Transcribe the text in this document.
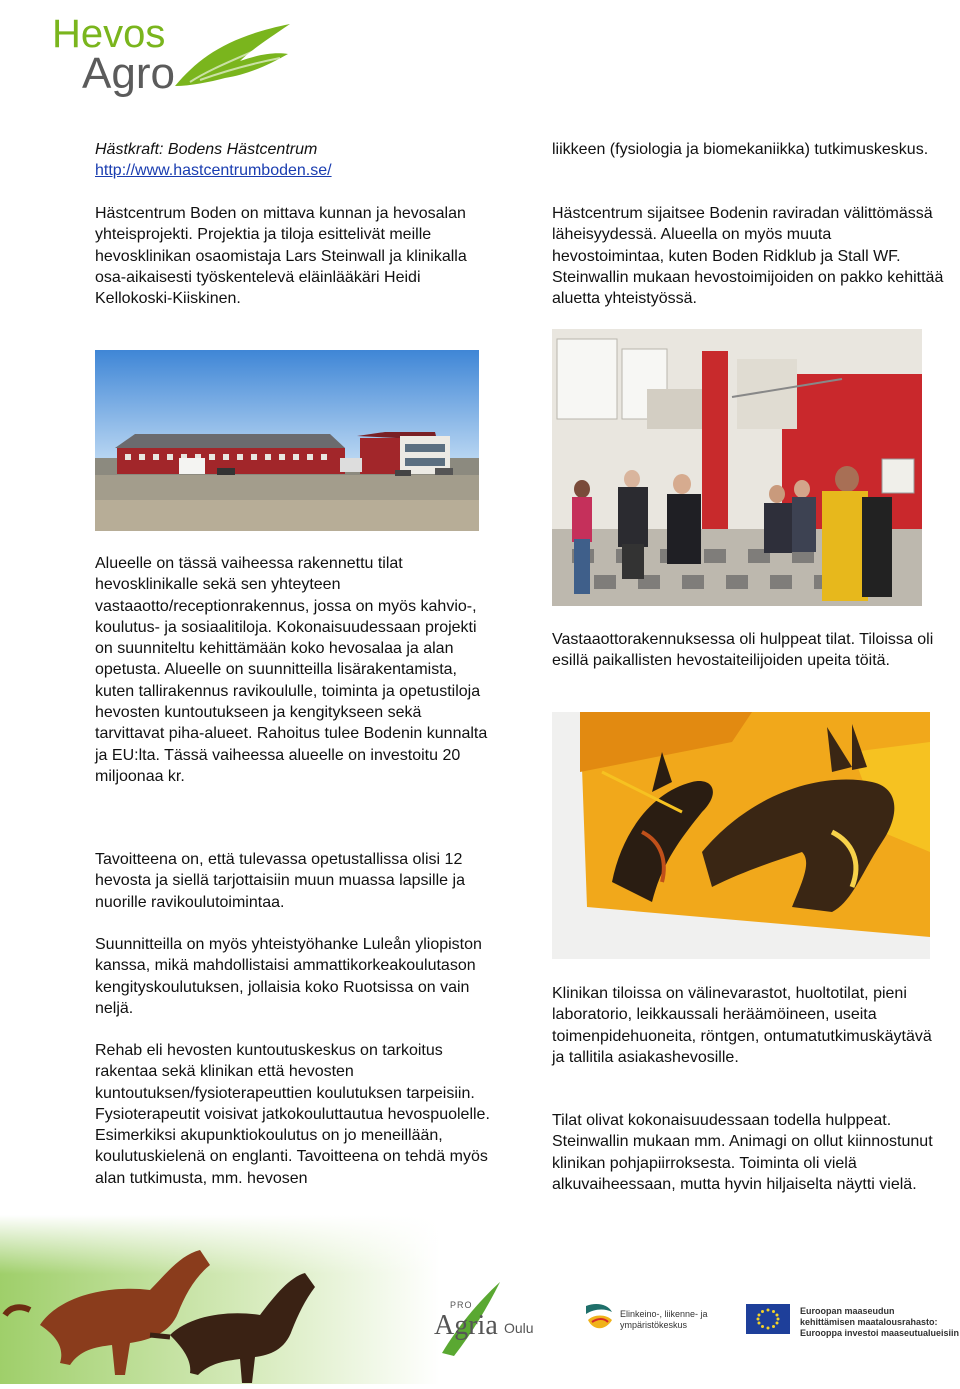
Hevos
Agro

Hästkraft: Bodens Hästcentrum

http://www.hastcentrumboden.se/

Hästcentrum Boden on mittava kunnan ja hevosalan yhteisprojekti. Projektia ja tiloja esittelivät meille hevosklinikan osaomistaja Lars Steinwall ja klinikalla osa-aikaisesti työskentelevä eläinlääkäri Heidi Kellokoski-Kiiskinen.

Alueelle on tässä vaiheessa rakennettu tilat hevosklinikalle sekä sen yhteyteen vastaaotto/receptionrakennus, jossa on myös kahvio-, koulutus- ja sosiaalitiloja. Kokonaisuudessaan projekti on suunniteltu kehittämään koko hevosalaa ja alan opetusta. Alueelle on suunnitteilla lisärakentamista, kuten tallirakennus ravikoululle, toiminta ja opetustiloja hevosten kuntoutukseen ja kengitykseen sekä tarvittavat piha-alueet. Rahoitus tulee Bodenin kunnalta ja EU:lta. Tässä vaiheessa alueelle on investoitu 20 miljoonaa kr.

Tavoitteena on, että tulevassa opetustallissa olisi 12 hevosta ja siellä tarjottaisiin muun muassa lapsille ja nuorille ravikoulutoimintaa.

Suunnitteilla on myös yhteistyöhanke Luleån yliopiston kanssa, mikä mahdollistaisi ammattikorkeakoulutason kengityskoulutuksen, jollaisia koko Ruotsissa on vain neljä.

Rehab eli hevosten kuntoutuskeskus on tarkoitus rakentaa sekä klinikan että hevosten kuntoutuksen/fysioterapeuttien koulutuksen tarpeisiin. Fysioterapeutit voisivat jatkokouluttautua hevospuolelle. Esimerkiksi akupunktiokoulutus on jo meneillään, koulutuskielenä on englanti. Tavoitteena on tehdä myös alan tutkimusta, mm. hevosen

liikkeen (fysiologia ja biomekaniikka) tutkimuskeskus.

Hästcentrum sijaitsee Bodenin raviradan välittömässä läheisyydessä. Alueella on myös muuta hevostoimintaa, kuten Boden Ridklub ja Stall WF. Steinwallin mukaan hevostoimijoiden on pakko kehittää aluetta yhteistyössä.

Vastaaottorakennuksessa oli hulppeat tilat. Tiloissa oli esillä paikallisten hevostaiteilijoiden upeita töitä.

Klinikan tiloissa on välinevarastot, huoltotilat, pieni laboratorio, leikkaussali heräämöineen, useita toimenpidehuoneita, röntgen, ontumatutkimuskäytävä ja tallitila asiakashevosille.

Tilat olivat kokonaisuudessaan todella hulppeat. Steinwallin mukaan mm. Animagi on ollut kiinnostunut klinikan pohjapiirroksesta. Toiminta oli vielä alkuvaiheessaan, mutta hyvin hiljaiselta näytti vielä.

PRO
Agria Oulu
Elinkeino-, liikenne- ja
ympäristökeskus
Euroopan maaseudun
kehittämisen maatalousrahasto:
Eurooppa investoi maaseutualueisiin
